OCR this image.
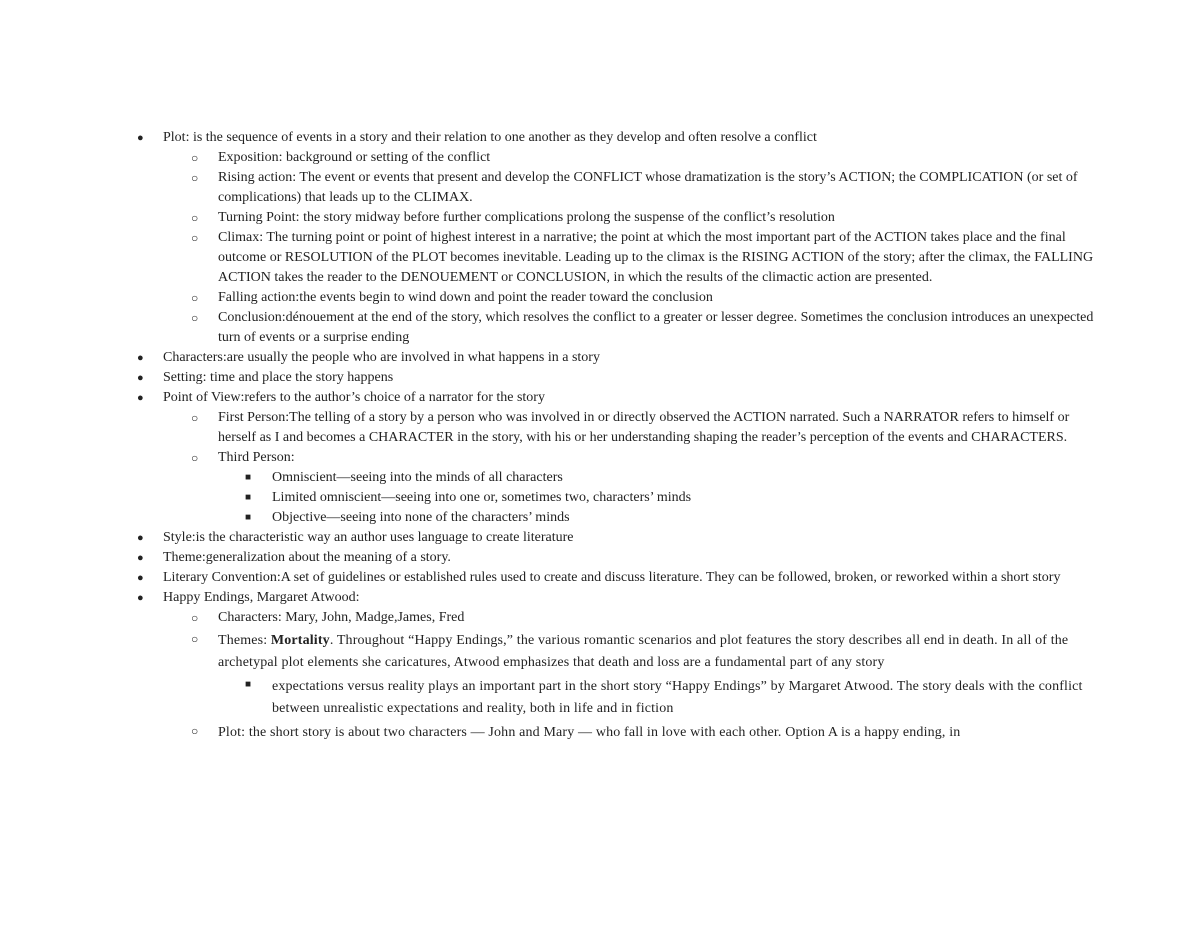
● Plot: is the sequence of events in a story and their relation to one another as they develop and often resolve a conflict
○ Exposition: background or setting of the conflict
○ Rising action: The event or events that present and develop the CONFLICT whose dramatization is the story’s ACTION; the COMPLICATION (or set of complications) that leads up to the CLIMAX.
○ Turning Point: the story midway before further complications prolong the suspense of the conflict’s resolution
○ Climax: The turning point or point of highest interest in a narrative; the point at which the most important part of the ACTION takes place and the final outcome or RESOLUTION of the PLOT becomes inevitable. Leading up to the climax is the RISING ACTION of the story; after the climax, the FALLING ACTION takes the reader to the DENOUEMENT or CONCLUSION, in which the results of the climactic action are presented.
○ Falling action:the events begin to wind down and point the reader toward the conclusion
○ Conclusion:dénouement at the end of the story, which resolves the conflict to a greater or lesser degree. Sometimes the conclusion introduces an unexpected turn of events or a surprise ending
● Characters:are usually the people who are involved in what happens in a story
● Setting: time and place the story happens
● Point of View:refers to the author’s choice of a narrator for the story
○ First Person:The telling of a story by a person who was involved in or directly observed the ACTION narrated. Such a NARRATOR refers to himself or herself as I and becomes a CHARACTER in the story, with his or her understanding shaping the reader’s perception of the events and CHARACTERS.
○ Third Person:
■ Omniscient—seeing into the minds of all characters
■ Limited omniscient—seeing into one or, sometimes two, characters’ minds
■ Objective—seeing into none of the characters’ minds
● Style:is the characteristic way an author uses language to create literature
● Theme:generalization about the meaning of a story.
● Literary Convention:A set of guidelines or established rules used to create and discuss literature. They can be followed, broken, or reworked within a short story
● Happy Endings, Margaret Atwood:
○ Characters: Mary, John, Madge,James, Fred
○ Themes: Mortality. Throughout “Happy Endings,” the various romantic scenarios and plot features the story describes all end in death. In all of the archetypal plot elements she caricatures, Atwood emphasizes that death and loss are a fundamental part of any story
■ expectations versus reality plays an important part in the short story “Happy Endings” by Margaret Atwood. The story deals with the conflict between unrealistic expectations and reality, both in life and in fiction
○ Plot: the short story is about two characters — John and Mary — who fall in love with each other. Option A is a happy ending, in
